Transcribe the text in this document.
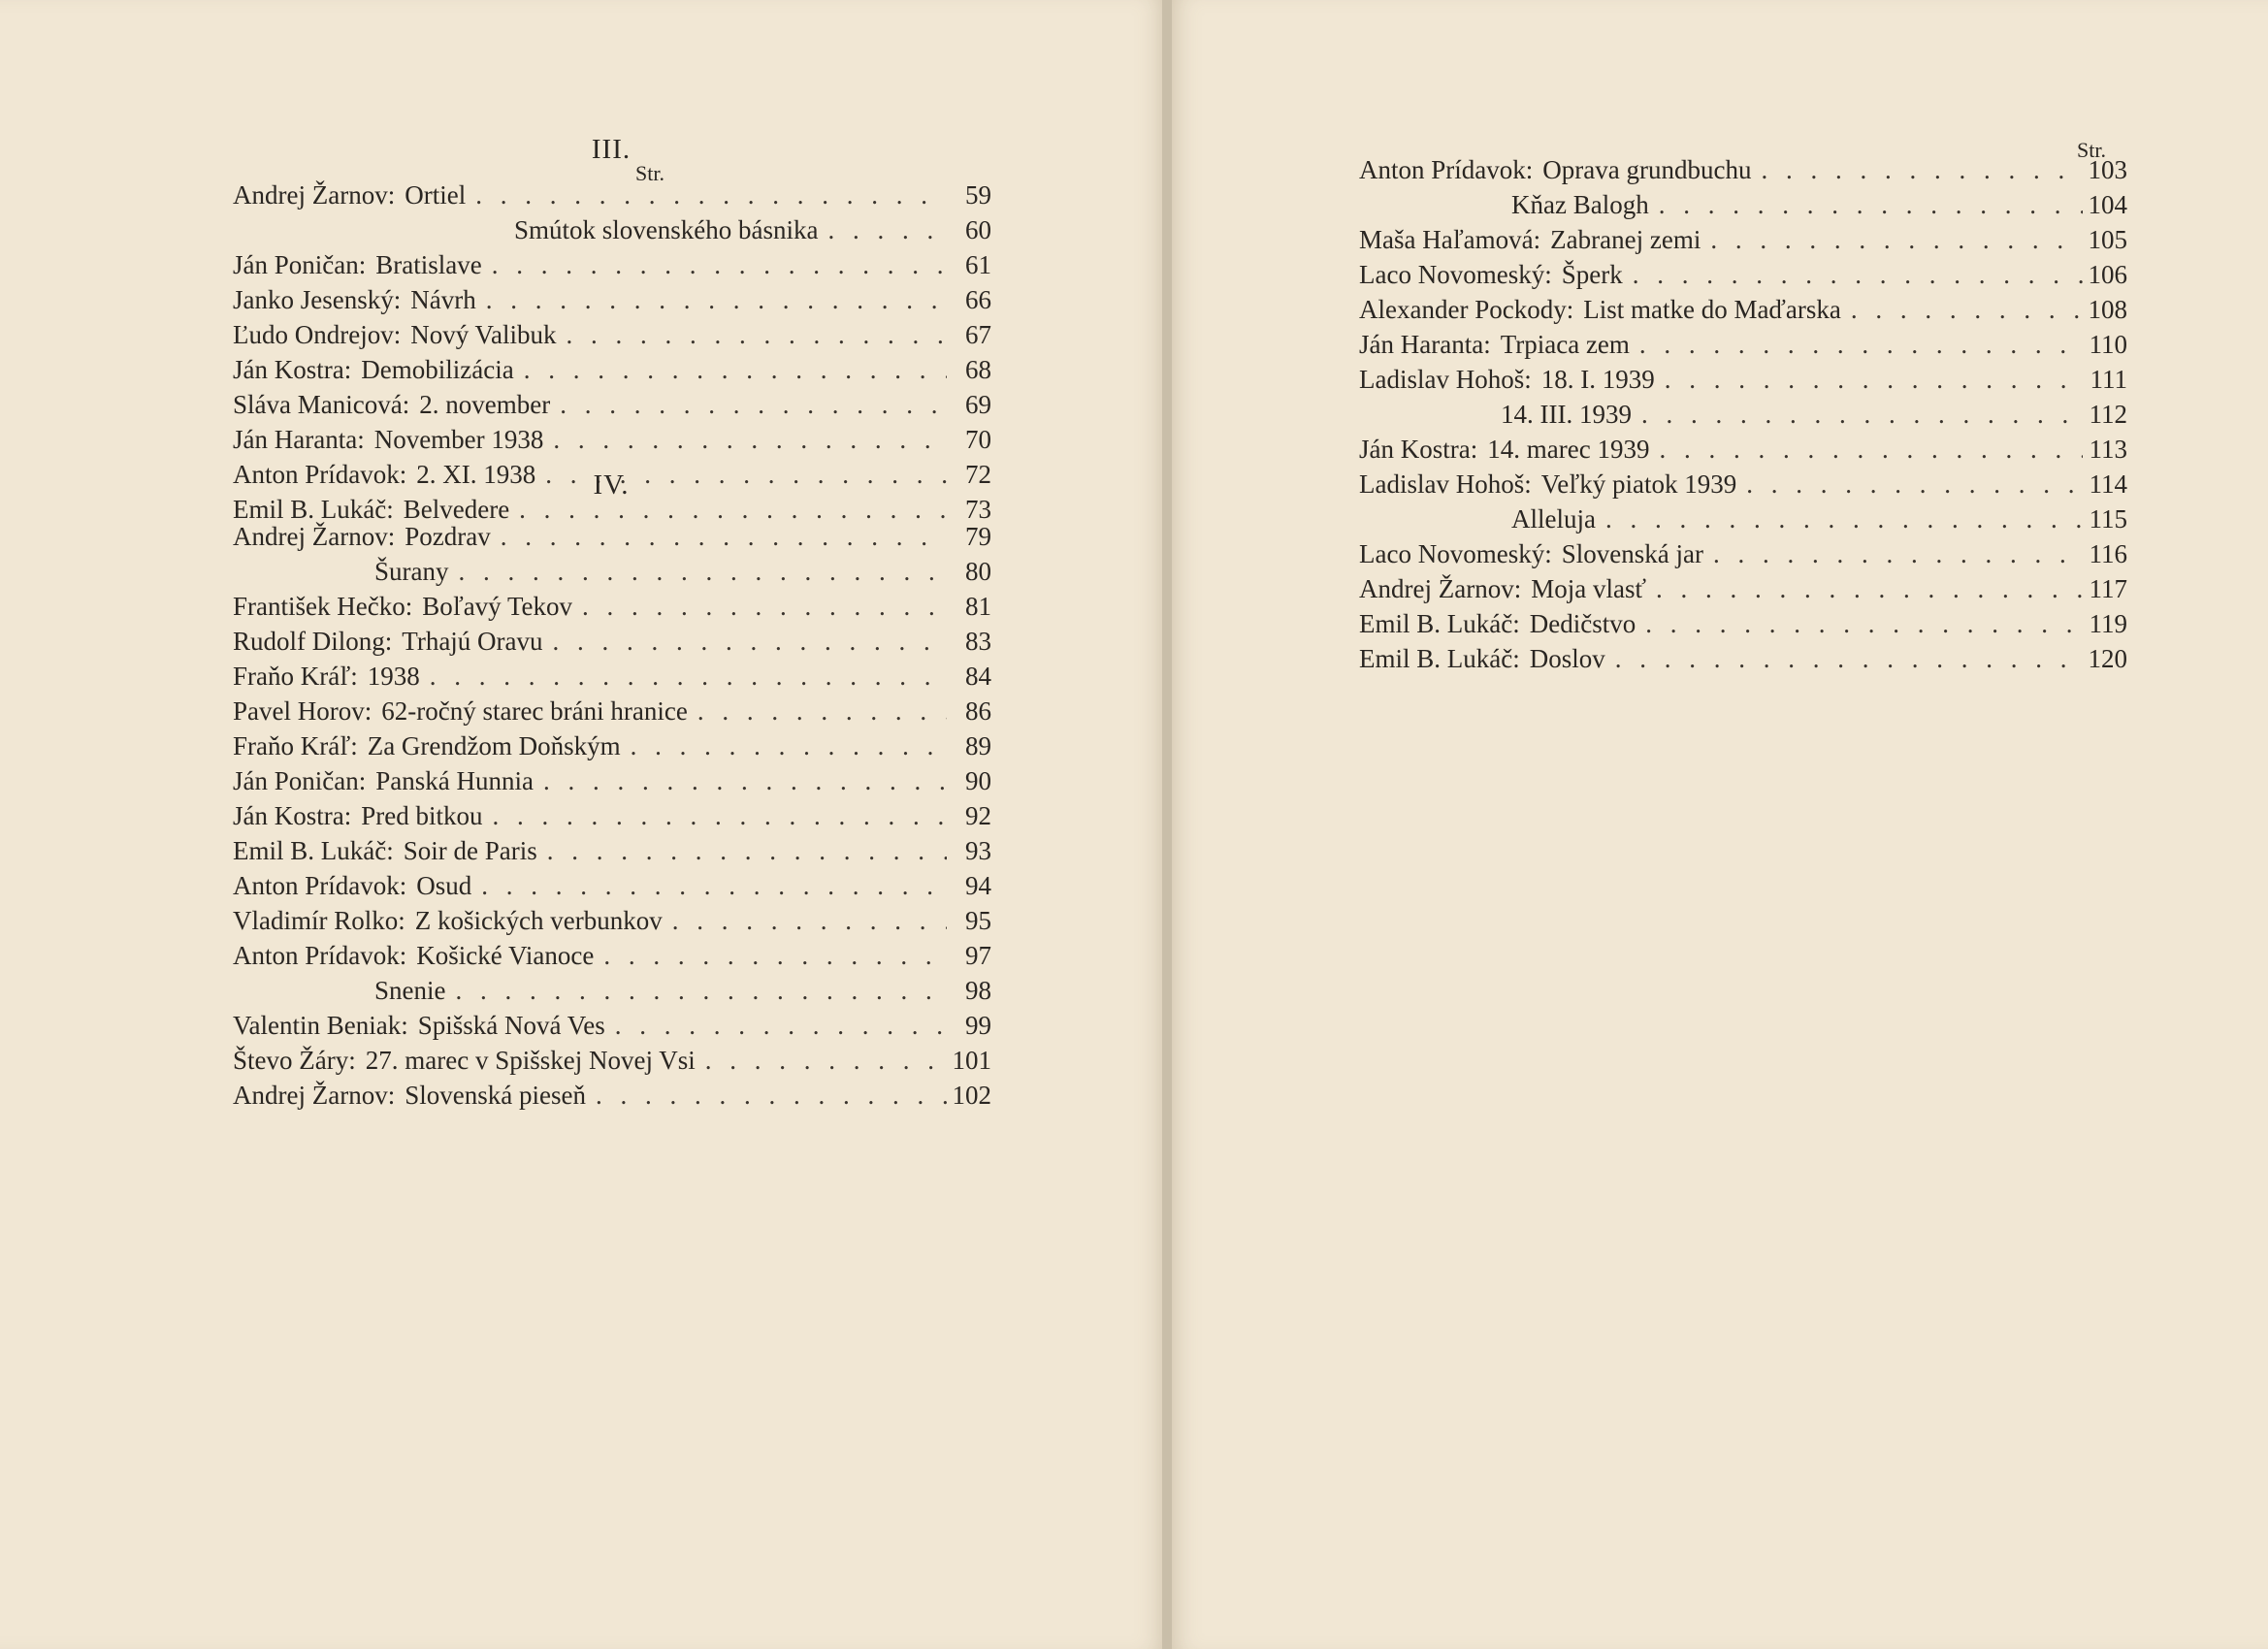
III.
Str.
Andrej Žarnov : Ortiel . . .	59
Smútok slovenského básnika . . .	60
Ján Poničan : Bratislave . . .	61
Janko Jesenský : Návrh . . .	66
Ľudo Ondrejov : Nový Valibuk . . .	67
Ján Kostra : Demobilizácia . . .	68
Sláva Manicová : 2. november . . .	69
Ján Haranta : November 1938 . . .	70
Anton Prídavok : 2. XI. 1938 . . .	72
Emil B. Lukáč : Belvedere . . .	73
IV.
Andrej Žarnov : Pozdrav . . .	79
Šurany . . .	80
František Hečko : Boľavý Tekov . . .	81
Rudolf Dilong : Trhajú Oravu . . .	83
Fraňo Kráľ : 1938 . . .	84
Pavel Horov : 62-ročný starec bráni hranice . . .	86
Fraňo Kráľ : Za Grendžom Doňským . . .	89
Ján Poničan : Panská Hunnia . . .	90
Ján Kostra : Pred bitkou . . .	92
Emil B. Lukáč : Soir de Paris . . .	93
Anton Prídavok : Osud . . .	94
Vladimír Rolko : Z košických verbunkov . . .	95
Anton Prídavok : Košické Vianoce . . .	97
Snenie . . .	98
Valentin Beniak : Spišská Nová Ves . . .	99
Števo Žáry : 27. marec v Spišskej Novej Vsi . . .	101
Andrej Žarnov : Slovenská pieseň . . .	102
Str.
Anton Prídavok : Oprava grundbuchu . . .	103
Kňaz Balogh . . .	104
Maša Haľamová : Zabranej zemi . . .	105
Laco Novomeský : Šperk . . .	106
Alexander Pockody : List matke do Maďarska . . .	108
Ján Haranta : Trpiaca zem . . .	110
Ladislav Hohoš : 18. I. 1939 . . .	111
14. III. 1939 . . .	112
Ján Kostra : 14. marec 1939 . . .	113
Ladislav Hohoš : Veľký piatok 1939 . . .	114
Alleluja . . .	115
Laco Novomeský : Slovenská jar . . .	116
Andrej Žarnov : Moja vlasť . . .	117
Emil B. Lukáč : Dedičstvo . . .	119
Emil B. Lukáč : Doslov . . .	120
